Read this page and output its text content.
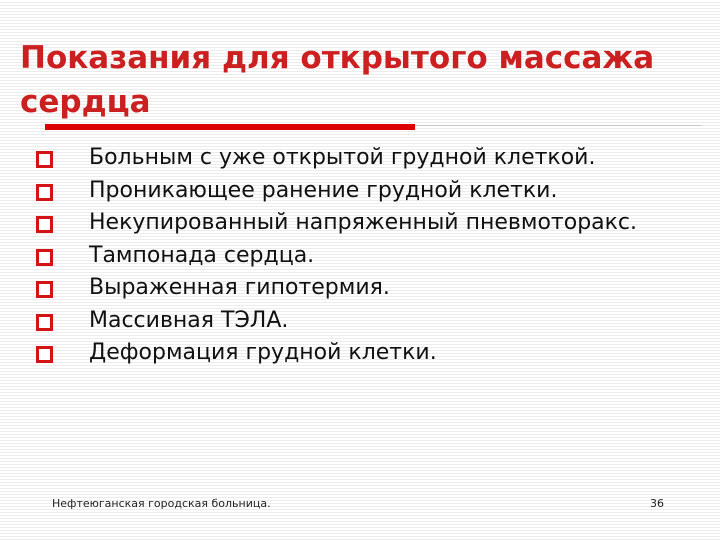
Показания для открытого массажа сердца
Больным с уже открытой грудной клеткой.
Проникающее ранение грудной клетки.
Некупированный напряженный пневмоторакс.
Тампонада сердца.
Выраженная гипотермия.
Массивная ТЭЛА.
Деформация грудной клетки.
Нефтеюганская городская больница.	36
